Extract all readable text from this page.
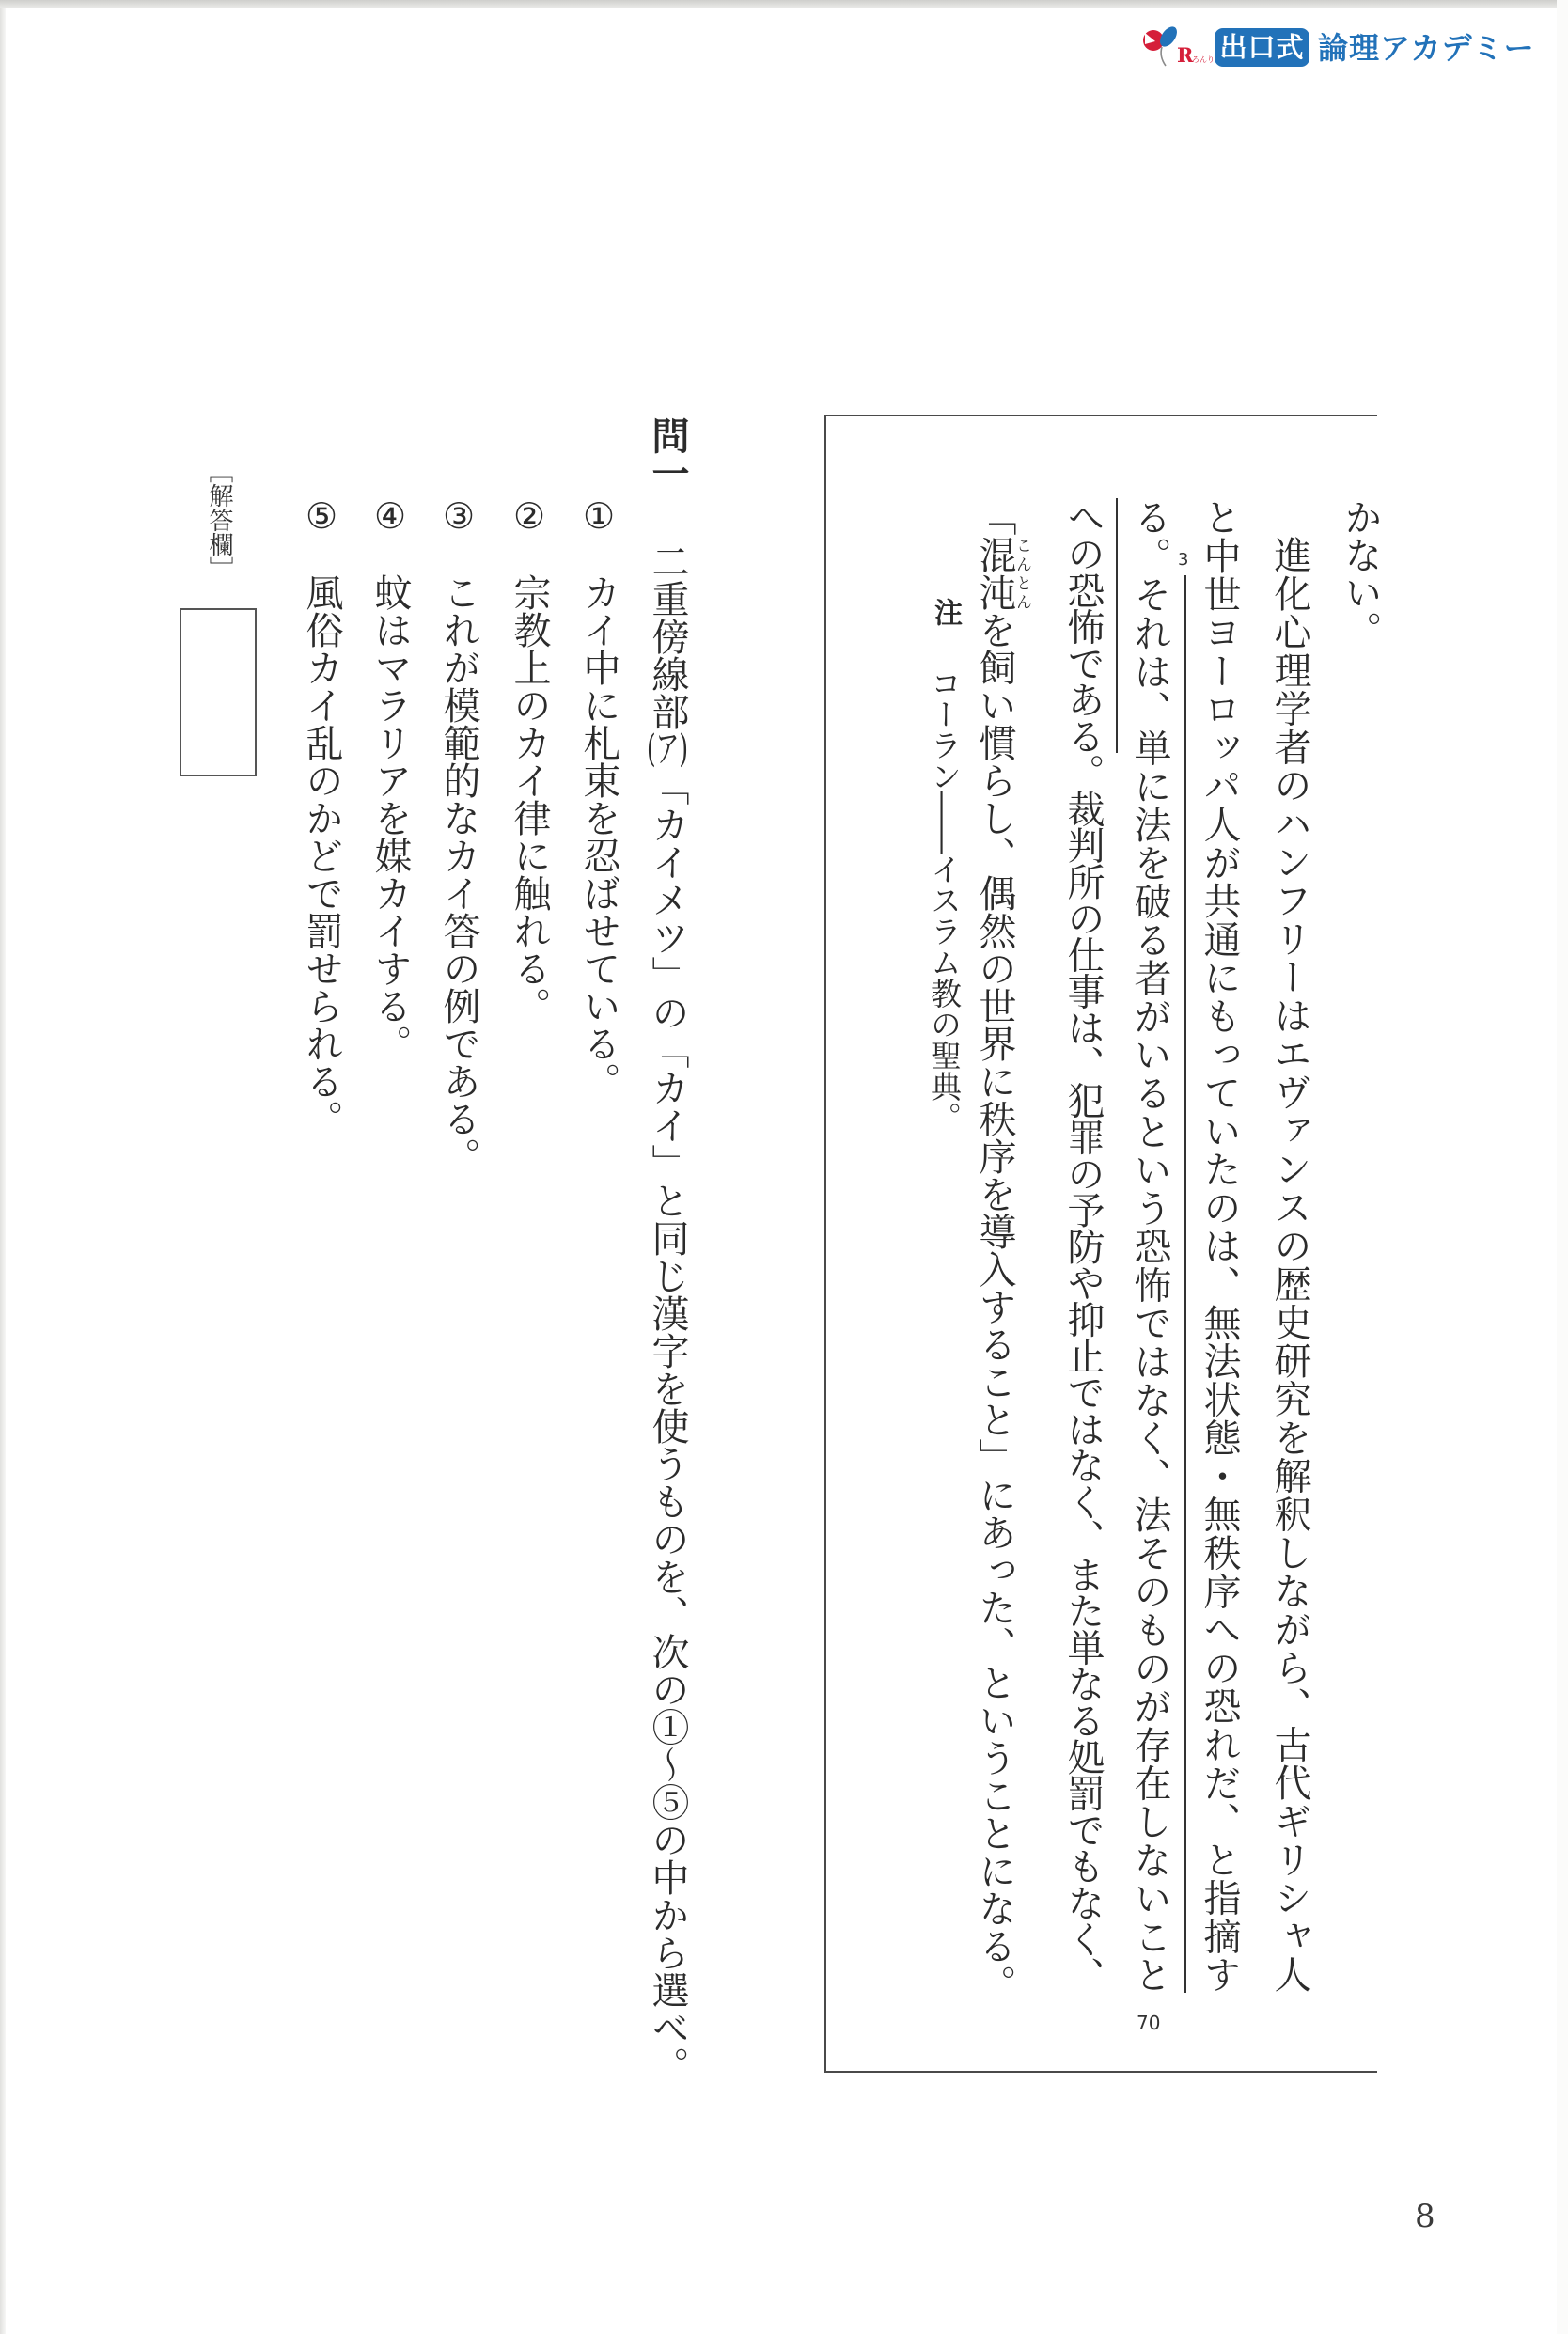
R
ろんり 出口式 論理アカデミー
かない。
進化心理学者のハンフリーはエヴァンスの歴史研究を解釈しながら、古代ギリシャ人
と中世ヨーロッパ人が共通にもっていたのは、無法状態・無秩序への恐れだ、と指摘す
る。それは、単に法を破る者がいるという恐怖ではなく、法そのものが存在しないこと
への恐怖である。裁判所の仕事は、犯罪の予防や抑止ではなく、また単なる処罰でもなく、
「混沌こんとんを飼い慣らし、偶然の世界に秩序を導入すること」にあった、ということになる。
3
70
注
コーラン――イスラム教の聖典。
問一
二重傍線部(ア)「カイメツ」の「カイ」と同じ漢字を使うものを、次の①〜⑤の中から選べ。
①
カイ中に札束を忍ばせている。
②
宗教上のカイ律に触れる。
③
これが模範的なカイ答の例である。
④
蚊はマラリアを媒カイする。
⑤
風俗カイ乱のかどで罰せられる。
［解答欄］
8
